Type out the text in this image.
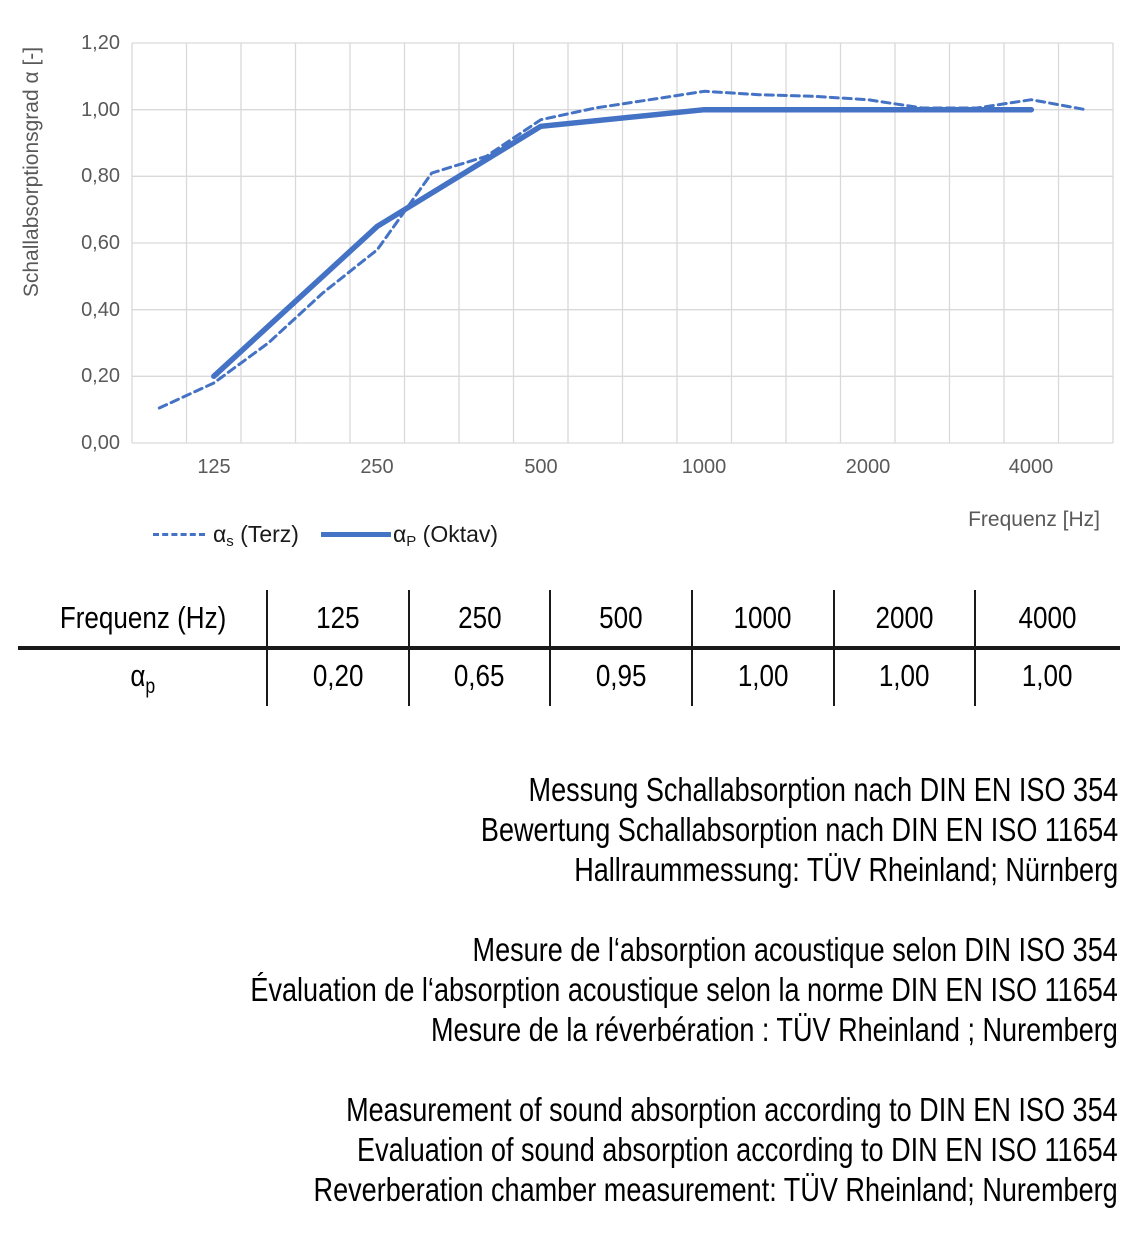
Schallabsorptionsgrad α [-]
1,20
1,00
0,80
0,60
0,40
0,20
0,00
125	250	500	1000	2000	4000
$\alpha_s$ (Terz)	$\alpha_P$ (Oktav)
Frequenz [Hz]
Frequenz (Hz)	125	250	500	1000	2000	4000
$\alpha_p$	0,20	0,65	0,95	1,00	1,00	1,00
Messung Schallabsorption nach DIN EN ISO 354
Bewertung Schallabsorption nach DIN EN ISO 11654
Hallraummessung: TÜV Rheinland; Nürnberg
Mesure de l‘absorption acoustique selon DIN ISO 354
Évaluation de l‘absorption acoustique selon la norme DIN EN ISO 11654
Mesure de la réverbération : TÜV Rheinland ; Nuremberg
Measurement of sound absorption according to DIN EN ISO 354
Evaluation of sound absorption according to DIN EN ISO 11654
Reverberation chamber measurement: TÜV Rheinland; Nuremberg
